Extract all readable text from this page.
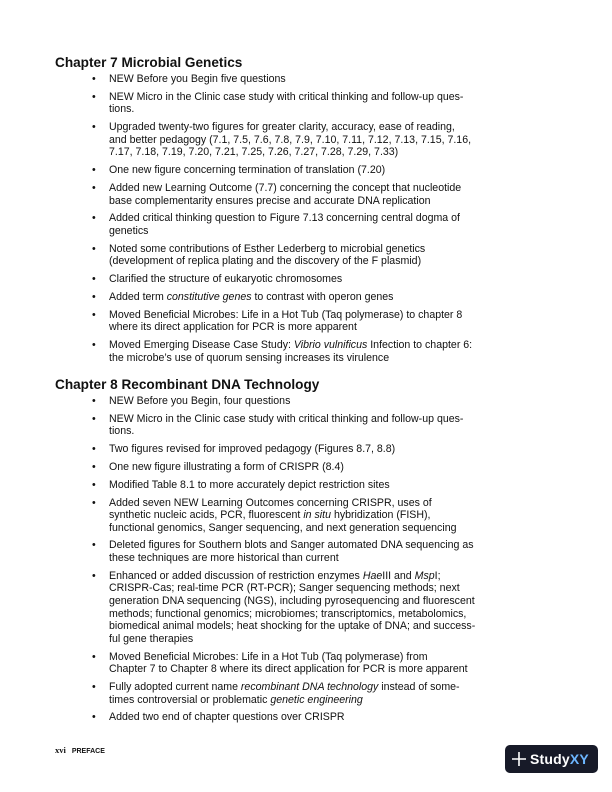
Chapter 7 Microbial Genetics
• NEW Before you Begin five questions
• NEW Micro in the Clinic case study with critical thinking and follow-up ques-
tions.
• Upgraded twenty-two figures for greater clarity, accuracy, ease of reading,
and better pedagogy (7.1, 7.5, 7.6, 7.8, 7.9, 7.10, 7.11, 7.12, 7.13, 7.15, 7.16,
7.17, 7.18, 7.19, 7.20, 7.21, 7.25, 7.26, 7.27, 7.28, 7.29, 7.33)
• One new figure concerning termination of translation (7.20)
• Added new Learning Outcome (7.7) concerning the concept that nucleotide
base complementarity ensures precise and accurate DNA replication
• Added critical thinking question to Figure 7.13 concerning central dogma of
genetics
• Noted some contributions of Esther Lederberg to microbial genetics
(development of replica plating and the discovery of the F plasmid)
• Clarified the structure of eukaryotic chromosomes
• Added term constitutive genes to contrast with operon genes
• Moved Beneficial Microbes: Life in a Hot Tub (Taq polymerase) to chapter 8
where its direct application for PCR is more apparent
• Moved Emerging Disease Case Study: Vibrio vulnificus Infection to chapter 6:
the microbe’s use of quorum sensing increases its virulence
Chapter 8 Recombinant DNA Technology
• NEW Before you Begin, four questions
• NEW Micro in the Clinic case study with critical thinking and follow-up ques-
tions.
• Two figures revised for improved pedagogy (Figures 8.7, 8.8)
• One new figure illustrating a form of CRISPR (8.4)
• Modified Table 8.1 to more accurately depict restriction sites
• Added seven NEW Learning Outcomes concerning CRISPR, uses of
synthetic nucleic acids, PCR, fluorescent in situ hybridization (FISH),
functional genomics, Sanger sequencing, and next generation sequencing
• Deleted figures for Southern blots and Sanger automated DNA sequencing as
these techniques are more historical than current
• Enhanced or added discussion of restriction enzymes HaeIII and MspI;
CRISPR-Cas; real-time PCR (RT-PCR); Sanger sequencing methods; next
generation DNA sequencing (NGS), including pyrosequencing and fluorescent
methods; functional genomics; microbiomes; transcriptomics, metabolomics,
biomedical animal models; heat shocking for the uptake of DNA; and success-
ful gene therapies
• Moved Beneficial Microbes: Life in a Hot Tub (Taq polymerase) from
Chapter 7 to Chapter 8 where its direct application for PCR is more apparent
• Fully adopted current name recombinant DNA technology instead of some-
times controversial or problematic genetic engineering
• Added two end of chapter questions over CRISPR
xvi PREFACE	StudyXY
